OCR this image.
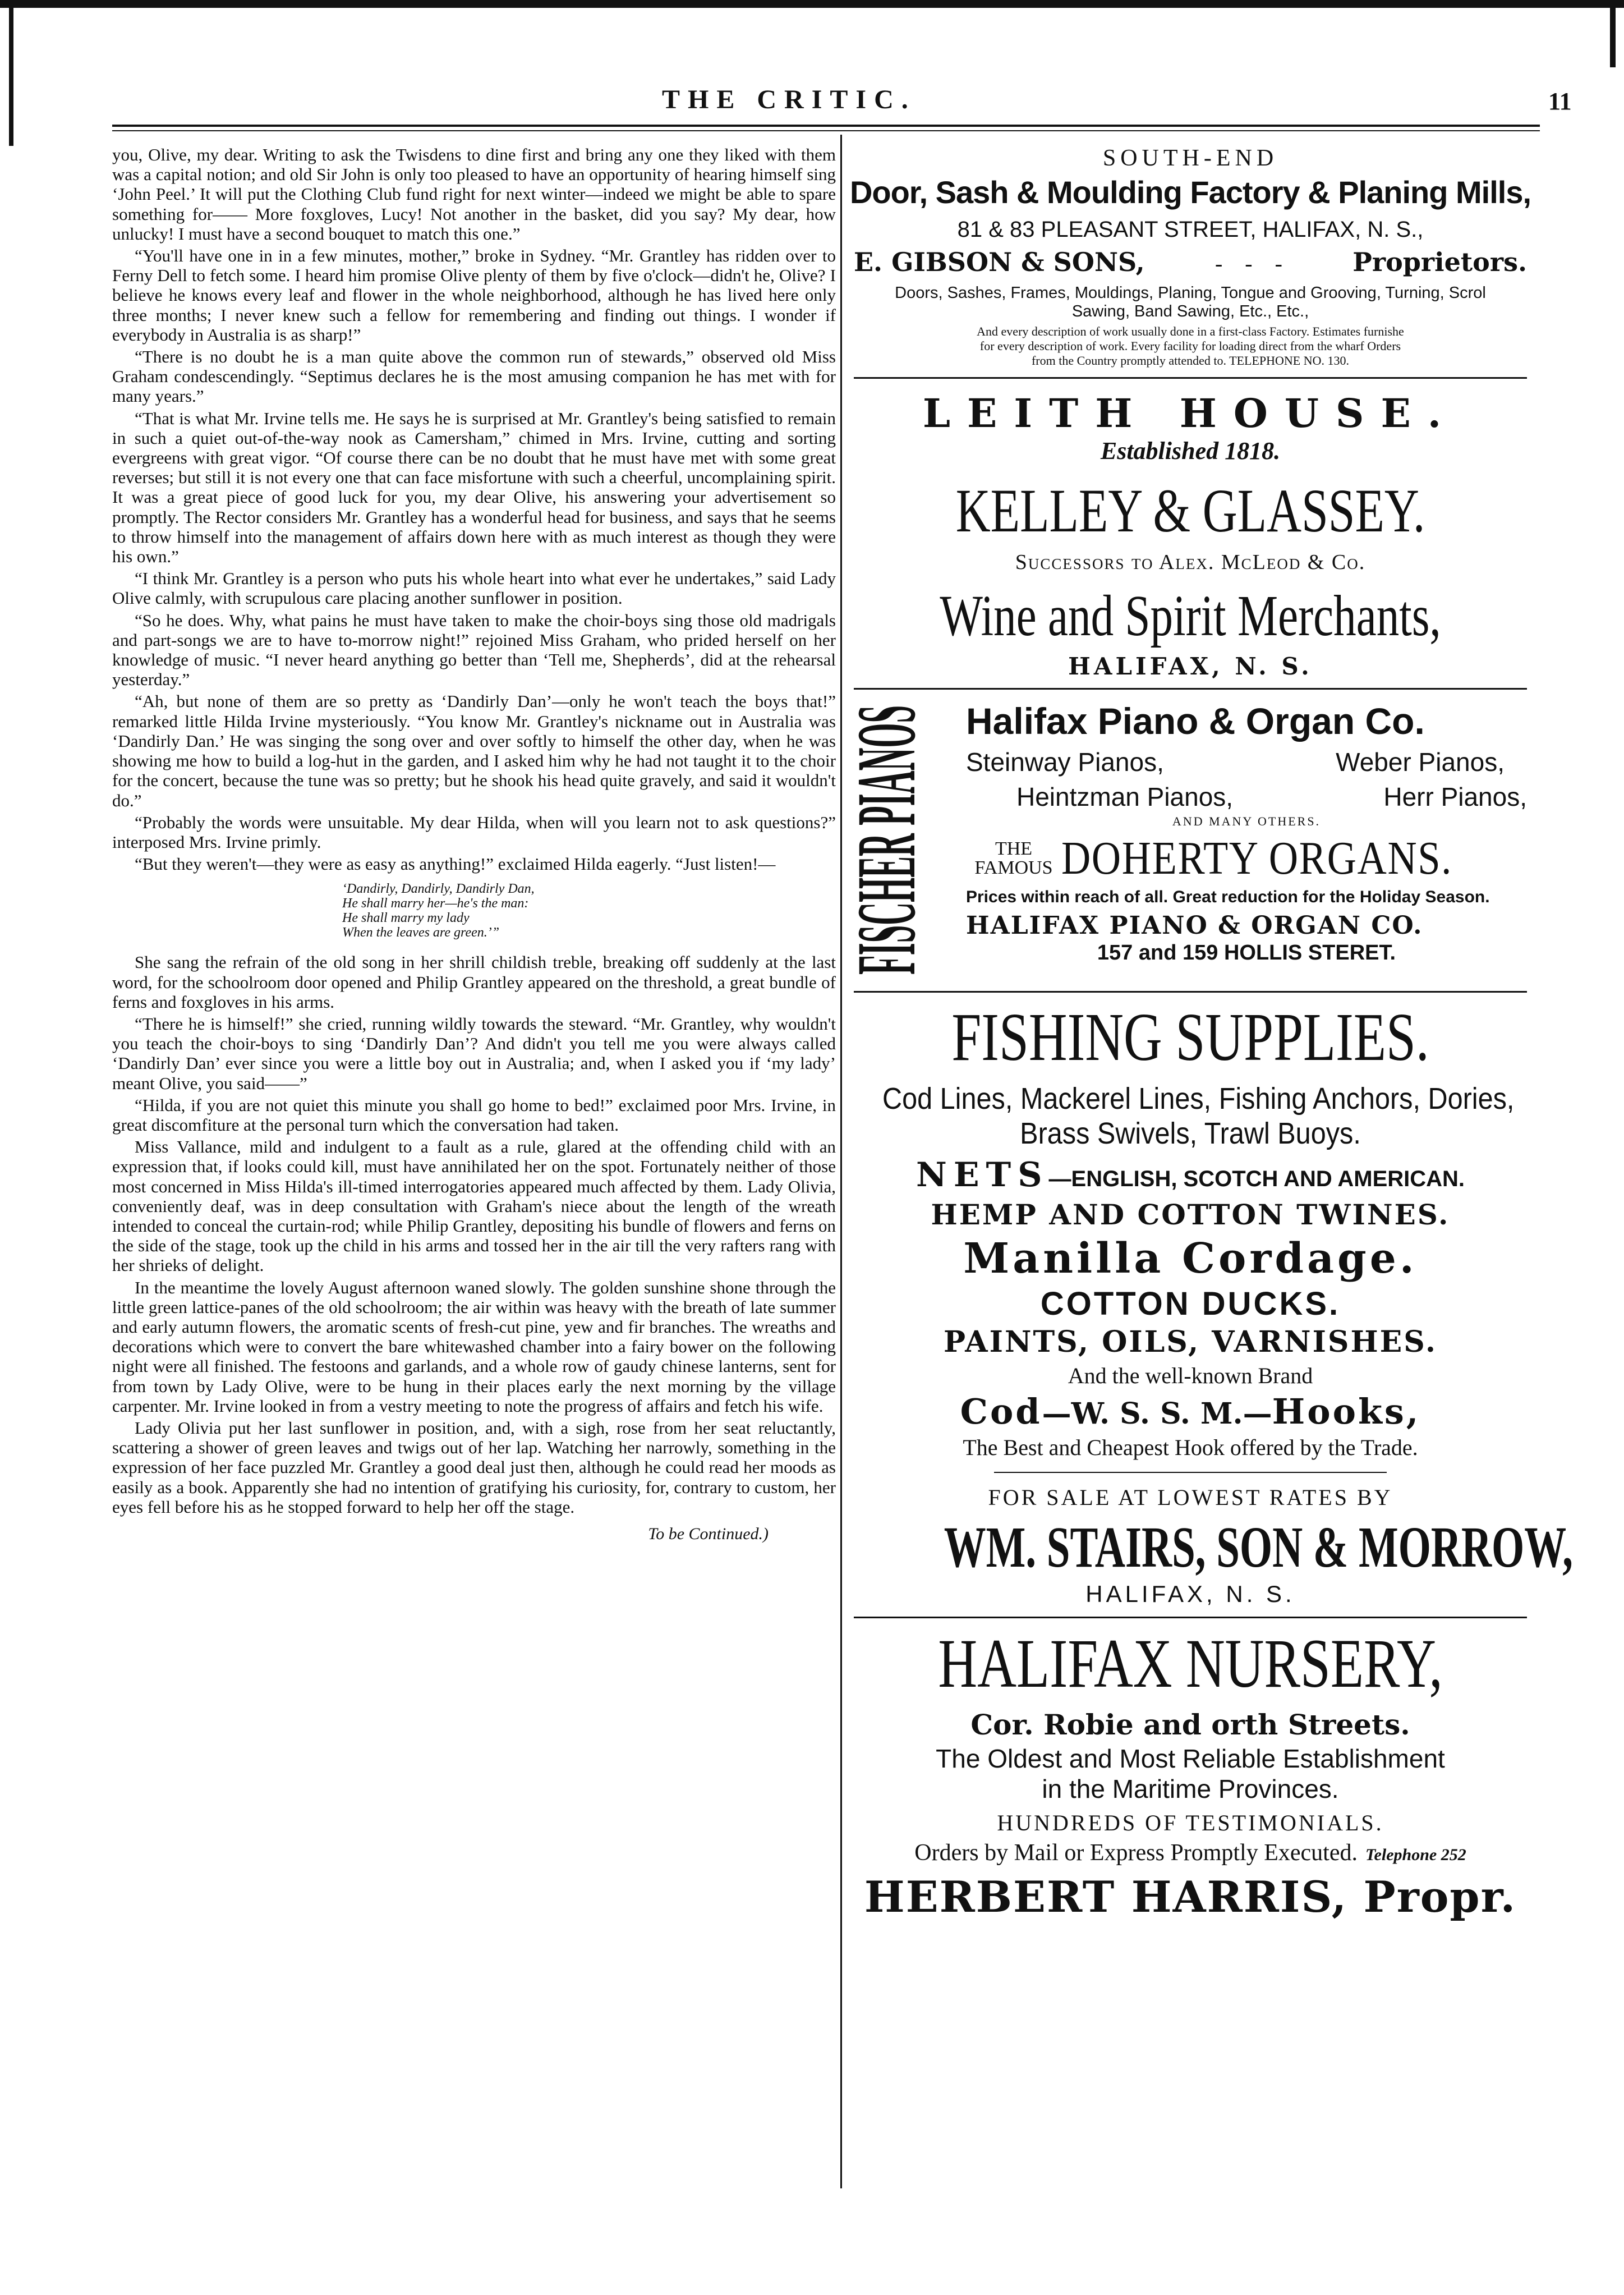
THE CRITIC.	11

you, Olive, my dear. Writing to ask the Twisdens to dine first and bring any one they liked with them was a capital notion; and old Sir John is only too pleased to have an opportunity of hearing himself sing ‘John Peel.’ It will put the Clothing Club fund right for next winter—indeed we might be able to spare something for—— More foxgloves, Lucy! Not another in the basket, did you say? My dear, how unlucky! I must have a second bouquet to match this one.”

“You'll have one in in a few minutes, mother,” broke in Sydney. “Mr. Grantley has ridden over to Ferny Dell to fetch some. I heard him promise Olive plenty of them by five o'clock—didn't he, Olive? I believe he knows every leaf and flower in the whole neighborhood, although he has lived here only three months; I never knew such a fellow for remembering and finding out things. I wonder if everybody in Australia is as sharp!”

“There is no doubt he is a man quite above the common run of stewards,” observed old Miss Graham condescendingly. “Septimus declares he is the most amusing companion he has met with for many years.”

“That is what Mr. Irvine tells me. He says he is surprised at Mr. Grantley's being satisfied to remain in such a quiet out-of-the-way nook as Camersham,” chimed in Mrs. Irvine, cutting and sorting evergreens with great vigor. “Of course there can be no doubt that he must have met with some great reverses; but still it is not every one that can face misfortune with such a cheerful, uncomplaining spirit. It was a great piece of good luck for you, my dear Olive, his answering your advertisement so promptly. The Rector considers Mr. Grantley has a wonderful head for business, and says that he seems to throw himself into the management of affairs down here with as much interest as though they were his own.”

“I think Mr. Grantley is a person who puts his whole heart into what ever he undertakes,” said Lady Olive calmly, with scrupulous care placing another sunflower in position.

“So he does. Why, what pains he must have taken to make the choir-boys sing those old madrigals and part-songs we are to have to-morrow night!” rejoined Miss Graham, who prided herself on her knowledge of music. “I never heard anything go better than ‘Tell me, Shepherds’, did at the rehearsal yesterday.”

“Ah, but none of them are so pretty as ‘Dandirly Dan’—only he won't teach the boys that!” remarked little Hilda Irvine mysteriously. “You know Mr. Grantley's nickname out in Australia was ‘Dandirly Dan.’ He was singing the song over and over softly to himself the other day, when he was showing me how to build a log-hut in the garden, and I asked him why he had not taught it to the choir for the concert, because the tune was so pretty; but he shook his head quite gravely, and said it wouldn't do.”

“Probably the words were unsuitable. My dear Hilda, when will you learn not to ask questions?” interposed Mrs. Irvine primly.

“But they weren't—they were as easy as anything!” exclaimed Hilda eagerly. “Just listen!—

‘Dandirly, Dandirly, Dandirly Dan,
He shall marry her—he's the man:
He shall marry my lady
When the leaves are green.’”

She sang the refrain of the old song in her shrill childish treble, breaking off suddenly at the last word, for the schoolroom door opened and Philip Grantley appeared on the threshold, a great bundle of ferns and foxgloves in his arms.

“There he is himself!” she cried, running wildly towards the steward. “Mr. Grantley, why wouldn't you teach the choir-boys to sing ‘Dandirly Dan’? And didn't you tell me you were always called ‘Dandirly Dan’ ever since you were a little boy out in Australia; and, when I asked you if ‘my lady’ meant Olive, you said——”

“Hilda, if you are not quiet this minute you shall go home to bed!” exclaimed poor Mrs. Irvine, in great discomfiture at the personal turn which the conversation had taken.

Miss Vallance, mild and indulgent to a fault as a rule, glared at the offending child with an expression that, if looks could kill, must have annihilated her on the spot. Fortunately neither of those most concerned in Miss Hilda's ill-timed interrogatories appeared much affected by them. Lady Olivia, conveniently deaf, was in deep consultation with Graham's niece about the length of the wreath intended to conceal the curtain-rod; while Philip Grantley, depositing his bundle of flowers and ferns on the side of the stage, took up the child in his arms and tossed her in the air till the very rafters rang with her shrieks of delight.

In the meantime the lovely August afternoon waned slowly. The golden sunshine shone through the little green lattice-panes of the old schoolroom; the air within was heavy with the breath of late summer and early autumn flowers, the aromatic scents of fresh-cut pine, yew and fir branches. The wreaths and decorations which were to convert the bare whitewashed chamber into a fairy bower on the following night were all finished. The festoons and garlands, and a whole row of gaudy chinese lanterns, sent for from town by Lady Olive, were to be hung in their places early the next morning by the village carpenter. Mr. Irvine looked in from a vestry meeting to note the progress of affairs and fetch his wife.

Lady Olivia put her last sunflower in position, and, with a sigh, rose from her seat reluctantly, scattering a shower of green leaves and twigs out of her lap. Watching her narrowly, something in the expression of her face puzzled Mr. Grantley a good deal just then, although he could read her moods as easily as a book. Apparently she had no intention of gratifying his curiosity, for, contrary to custom, her eyes fell before his as he stopped forward to help her off the stage.

To be Continued.)
SOUTH-END
Door, Sash & Moulding Factory & Planing Mills,
81 & 83 PLEASANT STREET, HALIFAX, N. S.,
E. GIBSON & SONS,	-    -    -	Proprietors.
Doors, Sashes, Frames, Mouldings, Planing, Tongue and Grooving, Turning, Scrol
Sawing, Band Sawing, Etc., Etc.,
And every description of work usually done in a first-class Factory. Estimates furnishe
for every description of work. Every facility for loading direct from the wharf Orders
from the Country promptly attended to. TELEPHONE NO. 130.
LEITH HOUSE.
Established 1818.
KELLEY & GLASSEY.
Successors to Alex. McLeod & Co.
Wine and Spirit Merchants,
HALIFAX, N. S.
FISCHER PIANOS Halifax Piano & Organ Co.
Steinway Pianos,	Weber Pianos,
Heintzman Pianos,	Herr Pianos,
AND MANY OTHERS.
THE
FAMOUS DOHERTY ORGANS.
Prices within reach of all. Great reduction for the Holiday Season.
HALIFAX PIANO & ORGAN CO.
157 and 159 HOLLIS STERET.
FISHING SUPPLIES.
Cod Lines, Mackerel Lines, Fishing Anchors, Dories,
Brass Swivels, Trawl Buoys.
NETS—ENGLISH, SCOTCH AND AMERICAN.
HEMP AND COTTON TWINES.
Manilla Cordage.
COTTON DUCKS.
PAINTS, OILS, VARNISHES.
And the well-known Brand
Cod—W. S. S. M.—Hooks,
The Best and Cheapest Hook offered by the Trade.
FOR SALE AT LOWEST RATES BY
WM. STAIRS, SON & MORROW,
HALIFAX, N. S.
HALIFAX NURSERY,
Cor. Robie and orth Streets.
The Oldest and Most Reliable Establishment
in the Maritime Provinces.
HUNDREDS OF TESTIMONIALS.
Orders by Mail or Express Promptly Executed. Telephone 252
HERBERT HARRIS, Propr.
